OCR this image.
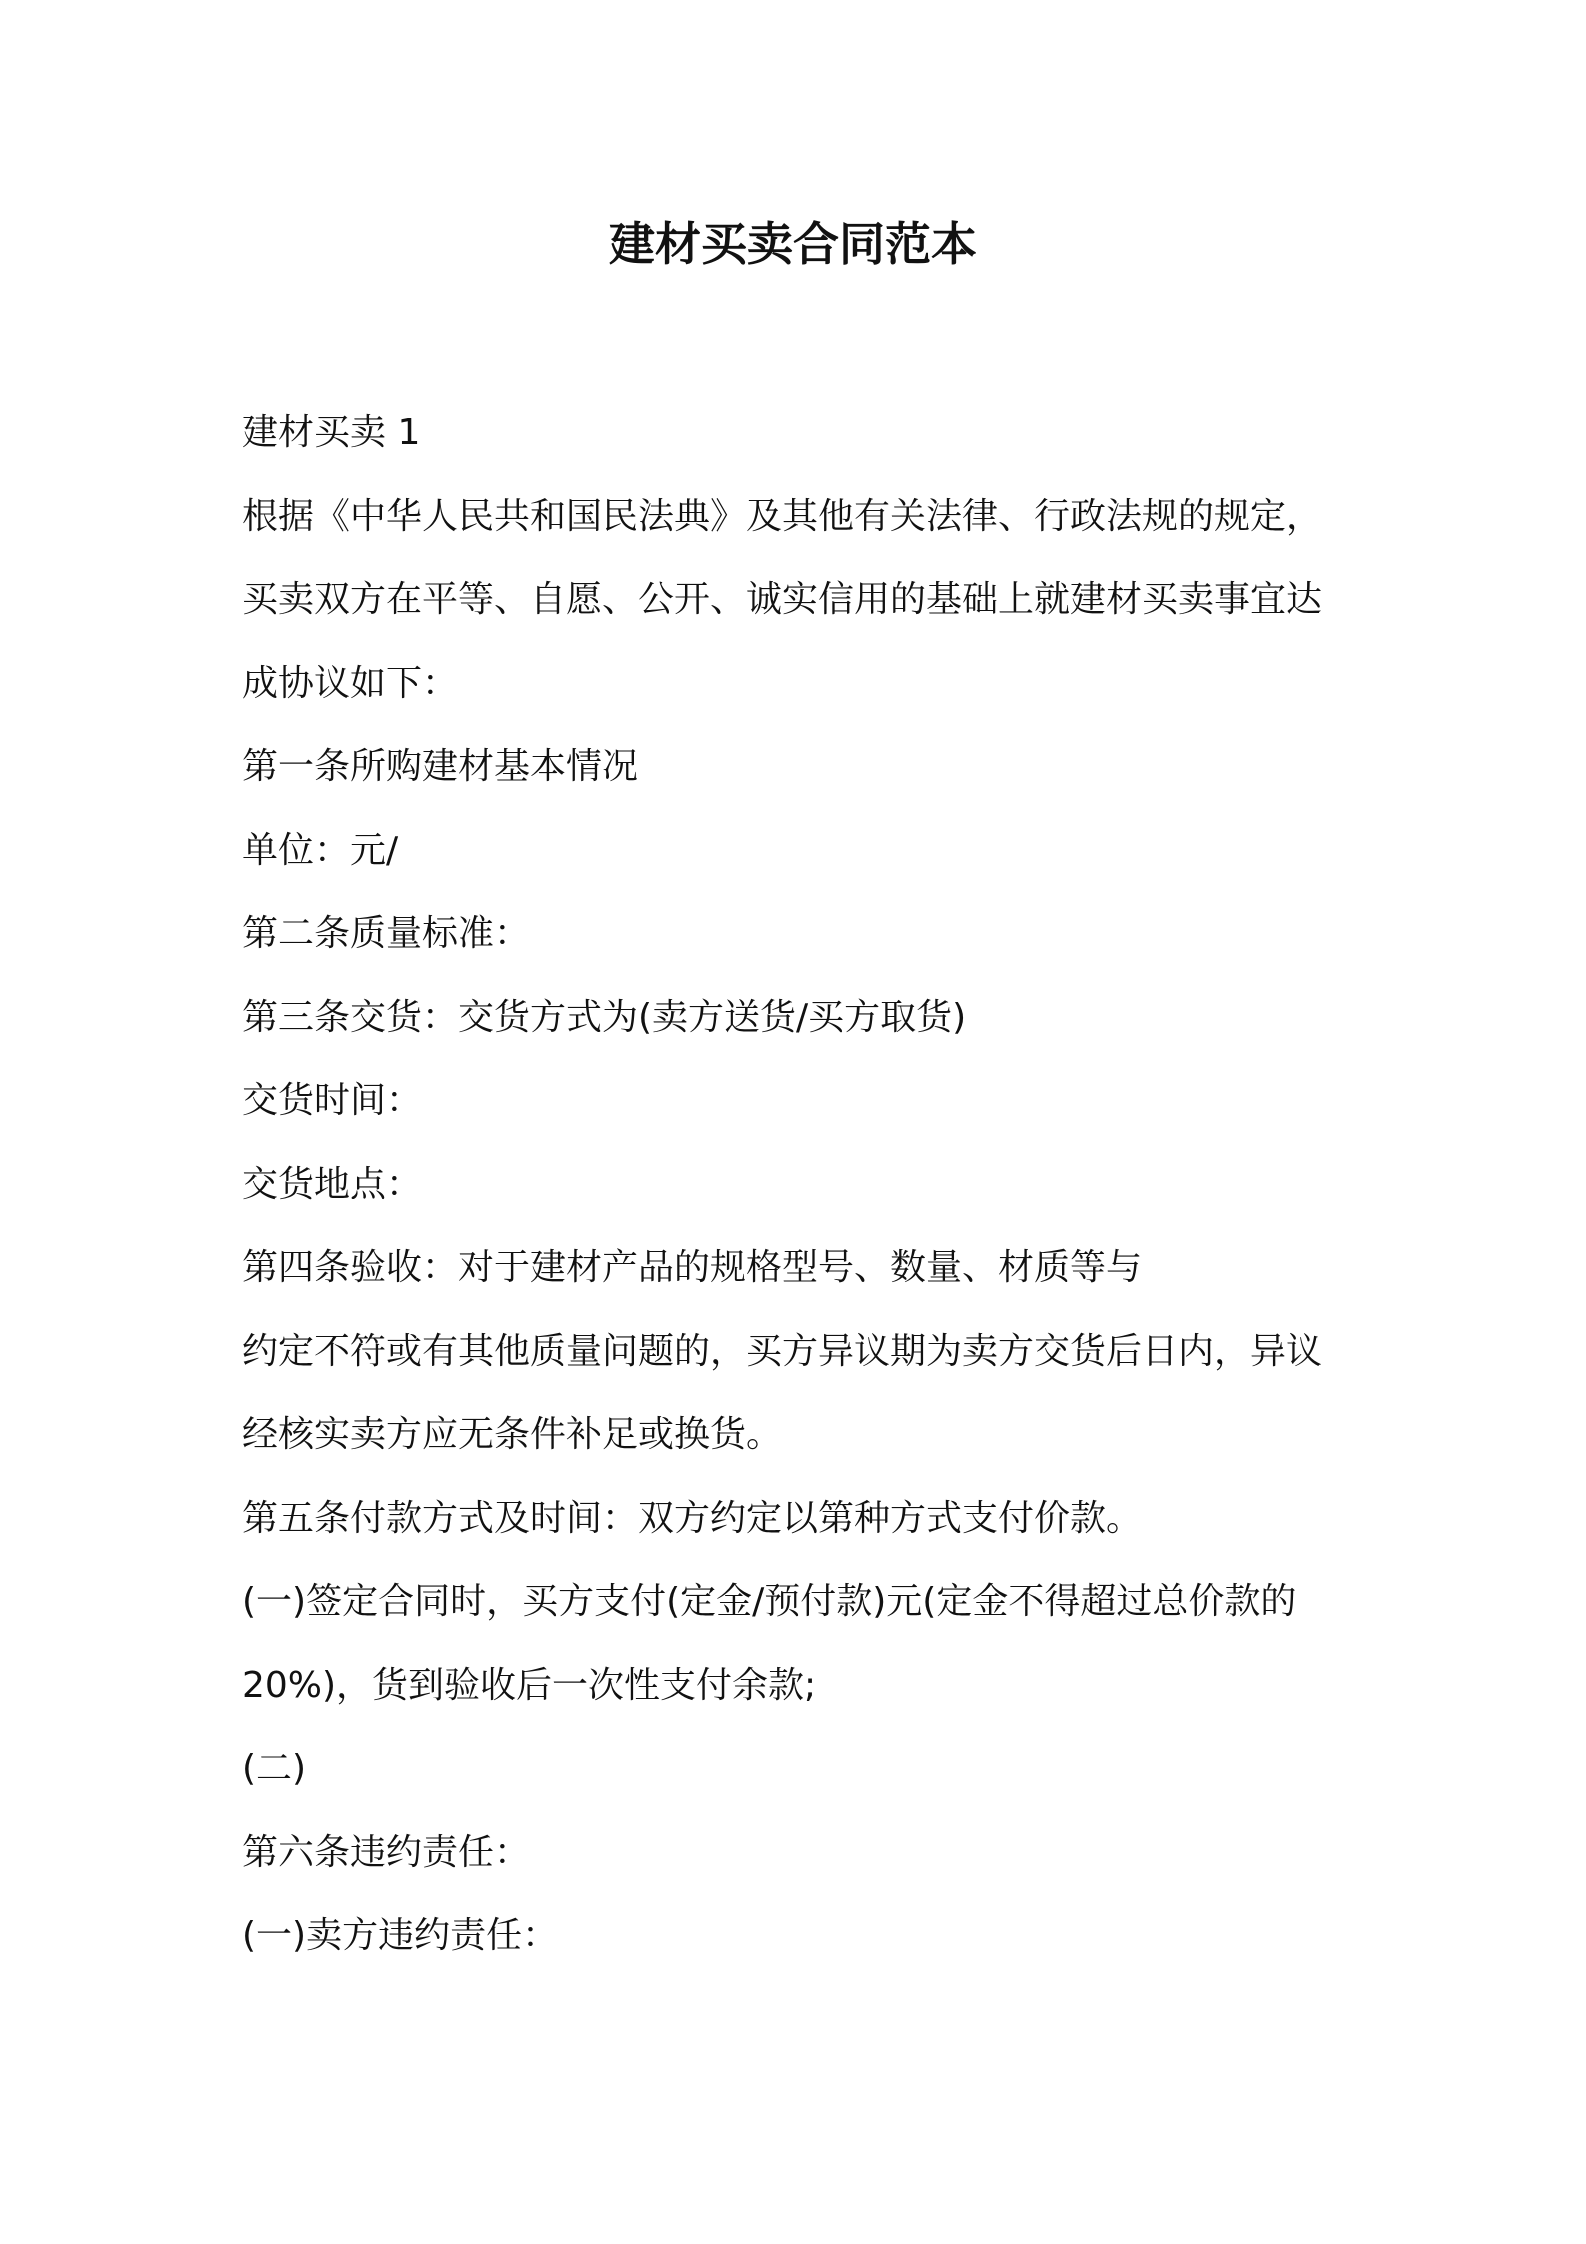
建材买卖合同范本
建材买卖 1
根据《中华人民共和国民法典》及其他有关法律、行政法规的规定，
买卖双方在平等、自愿、公开、诚实信用的基础上就建材买卖事宜达
成协议如下：
第一条所购建材基本情况
单位：元/
第二条质量标准：
第三条交货：交货方式为(卖方送货/买方取货)
交货时间：
交货地点：
第四条验收：对于建材产品的规格型号、数量、材质等与
约定不符或有其他质量问题的，买方异议期为卖方交货后日内，异议
经核实卖方应无条件补足或换货。
第五条付款方式及时间：双方约定以第种方式支付价款。
(一)签定合同时，买方支付(定金/预付款)元(定金不得超过总价款的
20%)，货到验收后一次性支付余款;
(二)
第六条违约责任：
(一)卖方违约责任：
